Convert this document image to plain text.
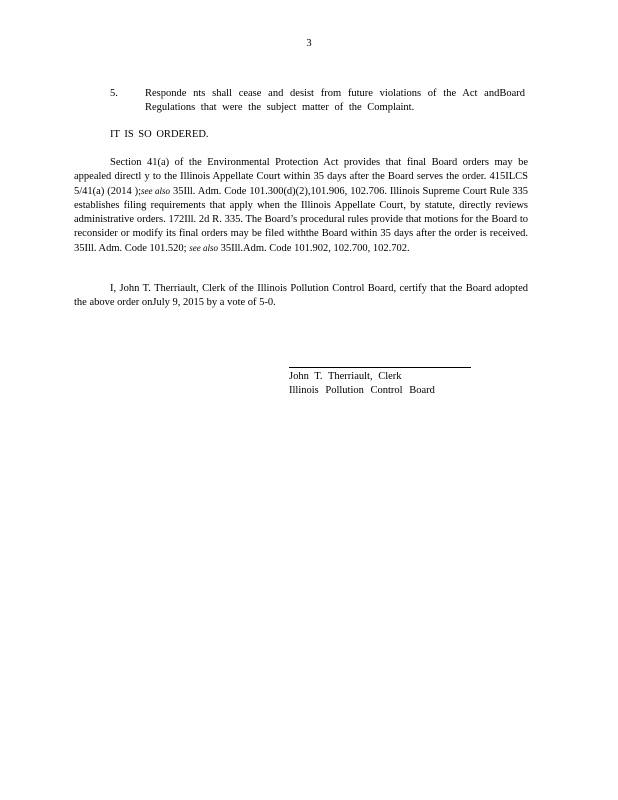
3
5.	Responde nts shall cease and desist from future violations of the Act andBoard Regulations that were the subject matter of the Complaint.
IT IS SO ORDERED.

Section 41(a) of the Environmental Protection Act provides that final Board orders may be appealed directl y to the Illinois Appellate Court within 35 days after the Board serves the order. 415ILCS 5/41(a) (2014 );see also 35Ill. Adm. Code 101.300(d)(2),101.906, 102.706. Illinois Supreme Court Rule 335 establishes filing requirements that apply when the Illinois Appellate Court, by statute, directly reviews administrative orders. 172Ill. 2d R. 335. The Board’s procedural rules provide that motions for the Board to reconsider or modify its final orders may be filed withthe Board within 35 days after the order is received. 35Ill. Adm. Code 101.520; see also 35Ill.Adm. Code 101.902, 102.700, 102.702.

I, John T. Therriault, Clerk of the Illinois Pollution Control Board, certify that the Board adopted the above order onJuly 9, 2015 by a vote of 5-0.

John T. Therriault, Clerk
Illinois Pollution Control Board
